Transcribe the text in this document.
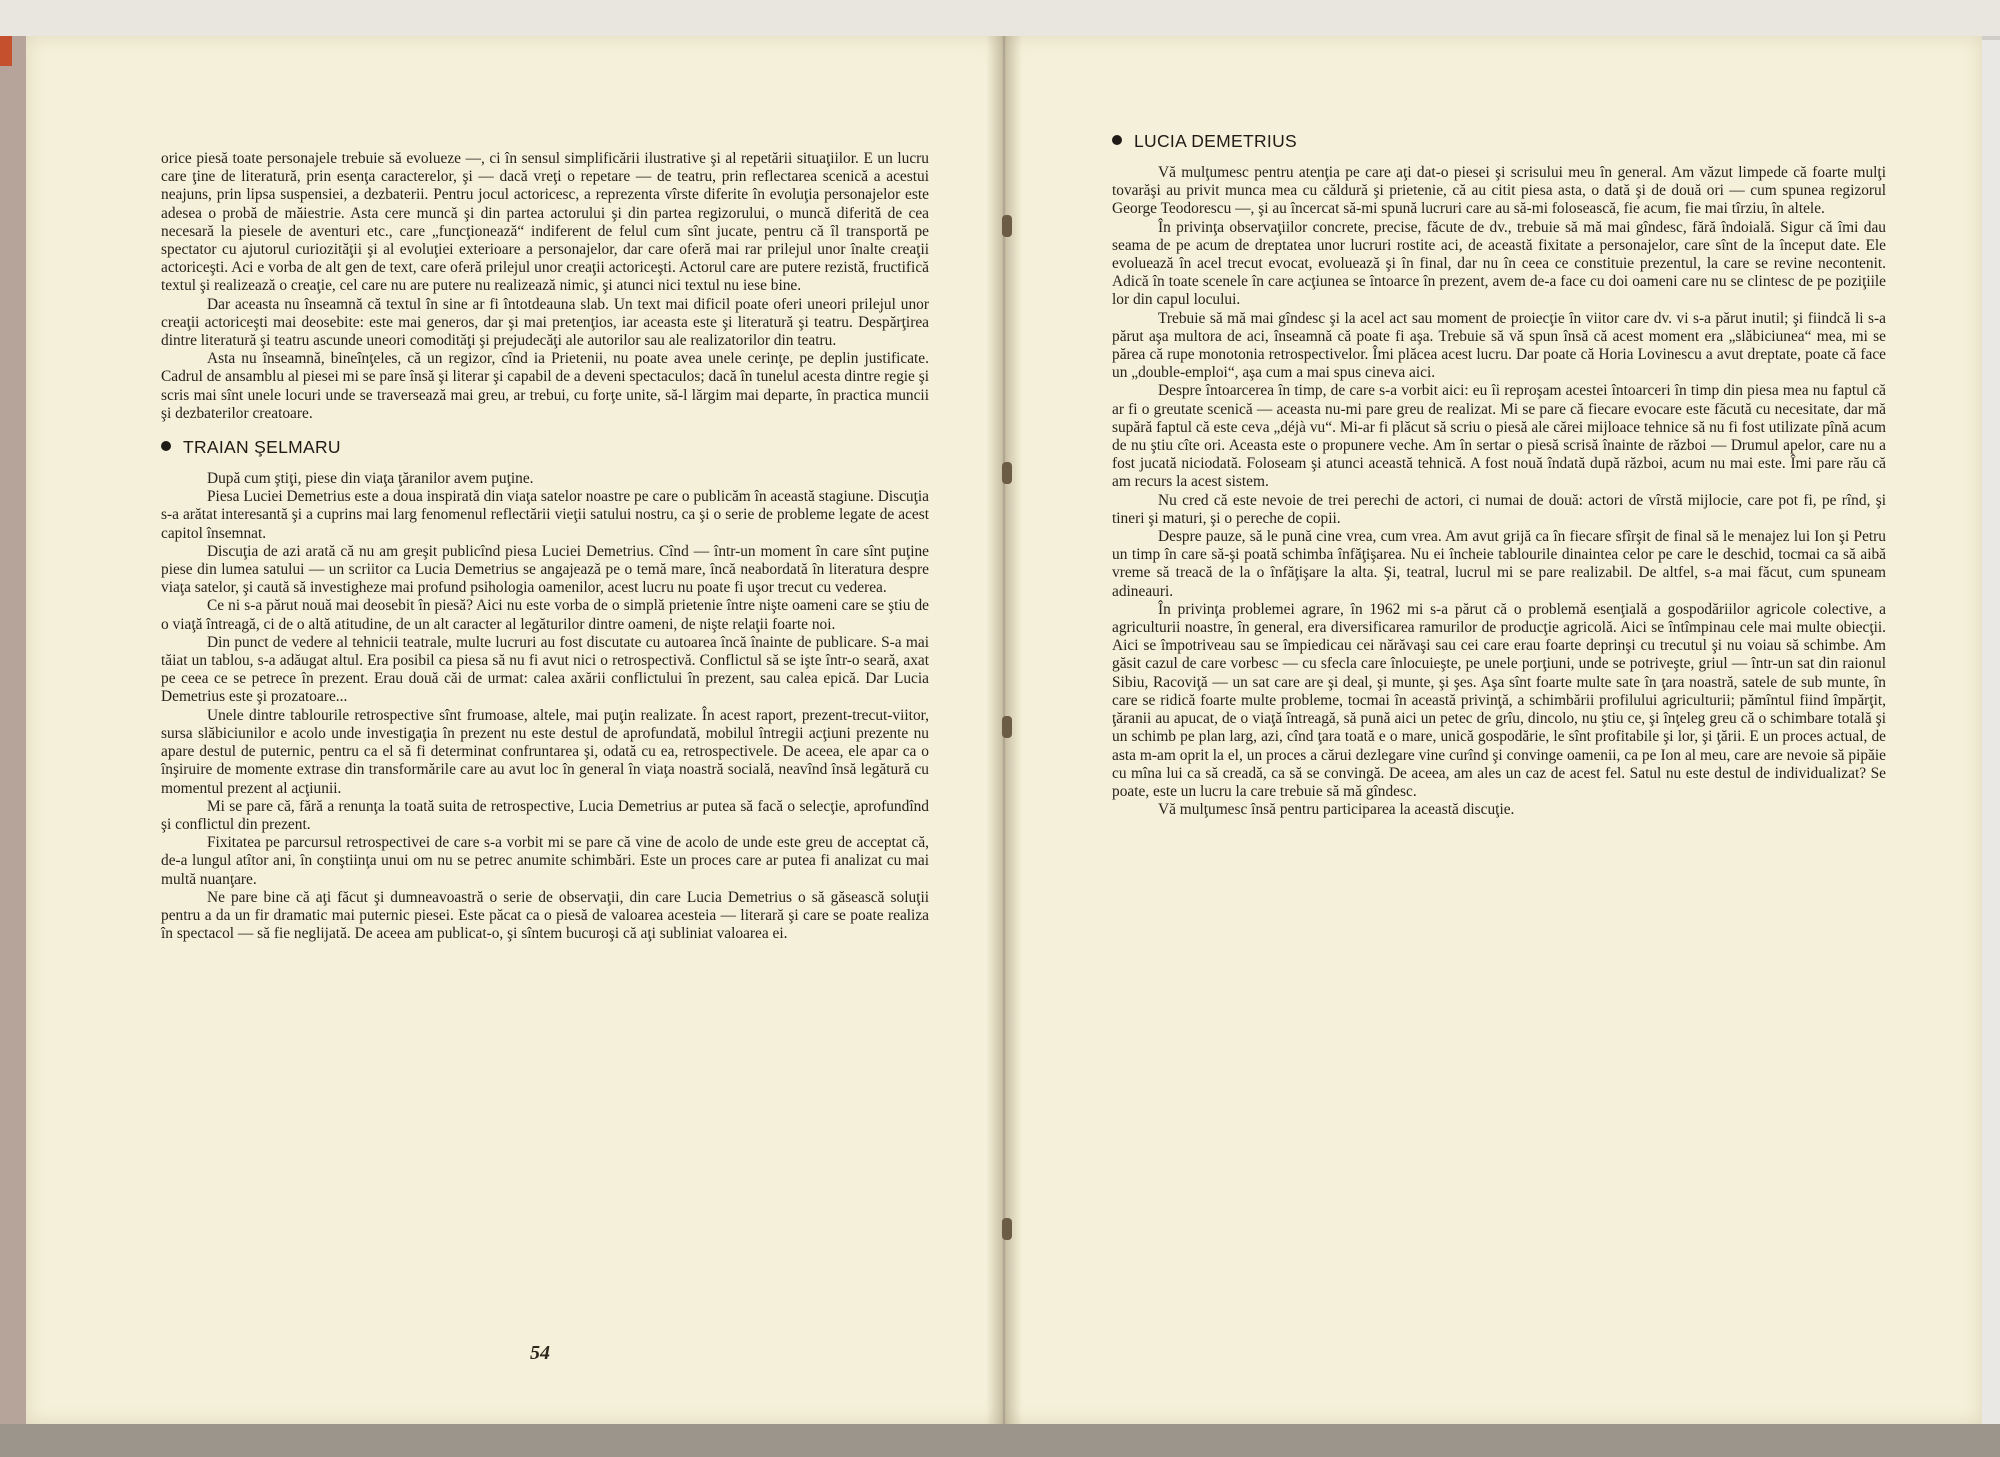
orice piesă toate personajele trebuie să evolueze —, ci în sensul simplificării ilustrative şi al repetării situaţiilor. E un lucru care ţine de literatură, prin esenţa caracterelor, şi — dacă vreţi o repetare — de teatru, prin reflectarea scenică a acestui neajuns, prin lipsa suspensiei, a dezbaterii. Pentru jocul actoricesc, a reprezenta vîrste diferite în evoluţia personajelor este adesea o probă de măiestrie. Asta cere muncă şi din partea actorului şi din partea regizorului, o muncă diferită de cea necesară la piesele de aventuri etc., care „funcţionează“ indiferent de felul cum sînt jucate, pentru că îl transportă pe spectator cu ajutorul curiozităţii şi al evoluţiei exterioare a personajelor, dar care oferă mai rar prilejul unor înalte creaţii actoriceşti. Aci e vorba de alt gen de text, care oferă prilejul unor creaţii actoriceşti. Actorul care are putere rezistă, fructifică textul şi realizează o creaţie, cel care nu are putere nu realizează nimic, şi atunci nici textul nu iese bine.

Dar aceasta nu înseamnă că textul în sine ar fi întotdeauna slab. Un text mai dificil poate oferi uneori prilejul unor creaţii actoriceşti mai deosebite: este mai generos, dar şi mai pretenţios, iar aceasta este şi literatură şi teatru. Despărţirea dintre literatură şi teatru ascunde uneori comodităţi şi prejudecăţi ale autorilor sau ale realizatorilor din teatru.

Asta nu înseamnă, bineînţeles, că un regizor, cînd ia Prietenii, nu poate avea unele cerinţe, pe deplin justificate. Cadrul de ansamblu al piesei mi se pare însă şi literar şi capabil de a deveni spectaculos; dacă în tunelul acesta dintre regie şi scris mai sînt unele locuri unde se traversează mai greu, ar trebui, cu forţe unite, să-l lărgim mai departe, în practica muncii şi dezbaterilor creatoare.

TRAIAN ŞELMARU

După cum ştiţi, piese din viaţa ţăranilor avem puţine.

Piesa Luciei Demetrius este a doua inspirată din viaţa satelor noastre pe care o publicăm în această stagiune. Discuţia s-a arătat interesantă şi a cuprins mai larg fenomenul reflectării vieţii satului nostru, ca şi o serie de probleme legate de acest capitol însemnat.

Discuţia de azi arată că nu am greşit publicînd piesa Luciei Demetrius. Cînd — într-un moment în care sînt puţine piese din lumea satului — un scriitor ca Lucia Demetrius se angajează pe o temă mare, încă neabordată în literatura despre viaţa satelor, şi caută să investigheze mai profund psihologia oamenilor, acest lucru nu poate fi uşor trecut cu vederea.

Ce ni s-a părut nouă mai deosebit în piesă? Aici nu este vorba de o simplă prietenie între nişte oameni care se ştiu de o viaţă întreagă, ci de o altă atitudine, de un alt caracter al legăturilor dintre oameni, de nişte relaţii foarte noi.

Din punct de vedere al tehnicii teatrale, multe lucruri au fost discutate cu autoarea încă înainte de publicare. S-a mai tăiat un tablou, s-a adăugat altul. Era posibil ca piesa să nu fi avut nici o retrospectivă. Conflictul să se işte într-o seară, axat pe ceea ce se petrece în prezent. Erau două căi de urmat: calea axării conflictului în prezent, sau calea epică. Dar Lucia Demetrius este şi prozatoare...

Unele dintre tablourile retrospective sînt frumoase, altele, mai puţin realizate. În acest raport, prezent-trecut-viitor, sursa slăbiciunilor e acolo unde investigaţia în prezent nu este destul de aprofundată, mobilul întregii acţiuni prezente nu apare destul de puternic, pentru ca el să fi determinat confruntarea şi, odată cu ea, retrospectivele. De aceea, ele apar ca o înşiruire de momente extrase din transformările care au avut loc în general în viaţa noastră socială, neavînd însă legătură cu momentul prezent al acţiunii.

Mi se pare că, fără a renunţa la toată suita de retrospective, Lucia Demetrius ar putea să facă o selecţie, aprofundînd şi conflictul din prezent.

Fixitatea pe parcursul retrospectivei de care s-a vorbit mi se pare că vine de acolo de unde este greu de acceptat că, de-a lungul atîtor ani, în conştiinţa unui om nu se petrec anumite schimbări. Este un proces care ar putea fi analizat cu mai multă nuanţare.

Ne pare bine că aţi făcut şi dumneavoastră o serie de observaţii, din care Lucia Demetrius o să găsească soluţii pentru a da un fir dramatic mai puternic piesei. Este păcat ca o piesă de valoarea acesteia — literară şi care se poate realiza în spectacol — să fie neglijată. De aceea am publicat-o, şi sîntem bucuroşi că aţi subliniat valoarea ei.

54
LUCIA DEMETRIUS

Vă mulţumesc pentru atenţia pe care aţi dat-o piesei şi scrisului meu în general. Am văzut limpede că foarte mulţi tovarăşi au privit munca mea cu căldură şi prietenie, că au citit piesa asta, o dată şi de două ori — cum spunea regizorul George Teodorescu —, şi au încercat să-mi spună lucruri care au să-mi folosească, fie acum, fie mai tîrziu, în altele.

În privinţa observaţiilor concrete, precise, făcute de dv., trebuie să mă mai gîndesc, fără îndoială. Sigur că îmi dau seama de pe acum de dreptatea unor lucruri rostite aci, de această fixitate a personajelor, care sînt de la început date. Ele evoluează în acel trecut evocat, evoluează şi în final, dar nu în ceea ce constituie prezentul, la care se revine necontenit. Adică în toate scenele în care acţiunea se întoarce în prezent, avem de-a face cu doi oameni care nu se clintesc de pe poziţiile lor din capul locului.

Trebuie să mă mai gîndesc şi la acel act sau moment de proiecţie în viitor care dv. vi s-a părut inutil; şi fiindcă li s-a părut aşa multora de aci, înseamnă că poate fi aşa. Trebuie să vă spun însă că acest moment era „slăbiciunea“ mea, mi se părea că rupe monotonia retrospectivelor. Îmi plăcea acest lucru. Dar poate că Horia Lovinescu a avut dreptate, poate că face un „double-emploi“, aşa cum a mai spus cineva aici.

Despre întoarcerea în timp, de care s-a vorbit aici: eu îi reproşam acestei întoarceri în timp din piesa mea nu faptul că ar fi o greutate scenică — aceasta nu-mi pare greu de realizat. Mi se pare că fiecare evocare este făcută cu necesitate, dar mă supără faptul că este ceva „déjà vu“. Mi-ar fi plăcut să scriu o piesă ale cărei mijloace tehnice să nu fi fost utilizate pînă acum de nu ştiu cîte ori. Aceasta este o propunere veche. Am în sertar o piesă scrisă înainte de război — Drumul apelor, care nu a fost jucată niciodată. Foloseam şi atunci această tehnică. A fost nouă îndată după război, acum nu mai este. Îmi pare rău că am recurs la acest sistem.

Nu cred că este nevoie de trei perechi de actori, ci numai de două: actori de vîrstă mijlocie, care pot fi, pe rînd, şi tineri şi maturi, şi o pereche de copii.

Despre pauze, să le pună cine vrea, cum vrea. Am avut grijă ca în fiecare sfîrşit de final să le menajez lui Ion şi Petru un timp în care să-şi poată schimba înfăţişarea. Nu ei încheie tablourile dinaintea celor pe care le deschid, tocmai ca să aibă vreme să treacă de la o înfăţişare la alta. Şi, teatral, lucrul mi se pare realizabil. De altfel, s-a mai făcut, cum spuneam adineauri.

În privinţa problemei agrare, în 1962 mi s-a părut că o problemă esenţială a gospodăriilor agricole colective, a agriculturii noastre, în general, era diversificarea ramurilor de producţie agricolă. Aici se întîmpinau cele mai multe obiecţii. Aici se împotriveau sau se împiedicau cei nărăvaşi sau cei care erau foarte deprinşi cu trecutul şi nu voiau să schimbe. Am găsit cazul de care vorbesc — cu sfecla care înlocuieşte, pe unele porţiuni, unde se potriveşte, griul — într-un sat din raionul Sibiu, Racoviţă — un sat care are şi deal, şi munte, şi şes. Aşa sînt foarte multe sate în ţara noastră, satele de sub munte, în care se ridică foarte multe probleme, tocmai în această privinţă, a schimbării profilului agriculturii; pămîntul fiind împărţit, ţăranii au apucat, de o viaţă întreagă, să pună aici un petec de grîu, dincolo, nu ştiu ce, şi înţeleg greu că o schimbare totală şi un schimb pe plan larg, azi, cînd ţara toată e o mare, unică gospodărie, le sînt profitabile şi lor, şi ţării. E un proces actual, de asta m-am oprit la el, un proces a cărui dezlegare vine curînd şi convinge oamenii, ca pe Ion al meu, care are nevoie să pipăie cu mîna lui ca să creadă, ca să se convingă. De aceea, am ales un caz de acest fel. Satul nu este destul de individualizat? Se poate, este un lucru la care trebuie să mă gîndesc.

Vă mulţumesc însă pentru participarea la această discuţie.
